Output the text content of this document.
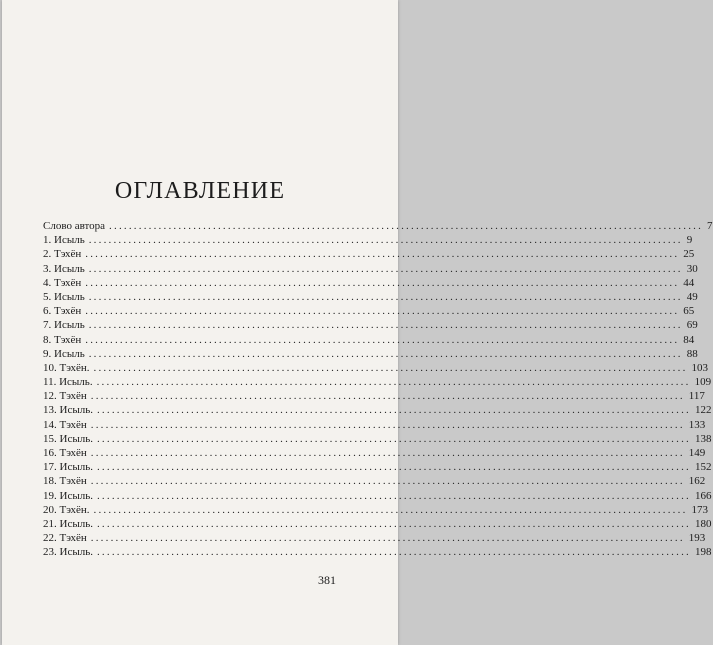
ОГЛАВЛЕНИЕ
Слово автора ........................................................................................................................ 7
1. Исыль ........................................................................................................................ 9
2. Тэхён ........................................................................................................................ 25
3. Исыль ........................................................................................................................ 30
4. Тэхён ........................................................................................................................ 44
5. Исыль ........................................................................................................................ 49
6. Тэхён ........................................................................................................................ 65
7. Исыль ........................................................................................................................ 69
8. Тэхён ........................................................................................................................ 84
9. Исыль ........................................................................................................................ 88
10. Тэхён. ........................................................................................................................ 103
11. Исыль. ........................................................................................................................ 109
12. Тэхён ........................................................................................................................ 117
13. Исыль. ........................................................................................................................ 122
14. Тэхён ........................................................................................................................ 133
15. Исыль. ........................................................................................................................ 138
16. Тэхён ........................................................................................................................ 149
17. Исыль. ........................................................................................................................ 152
18. Тэхён ........................................................................................................................ 162
19. Исыль. ........................................................................................................................ 166
20. Тэхён. ........................................................................................................................ 173
21. Исыль. ........................................................................................................................ 180
22. Тэхён ........................................................................................................................ 193
23. Исыль. ........................................................................................................................ 198
381
